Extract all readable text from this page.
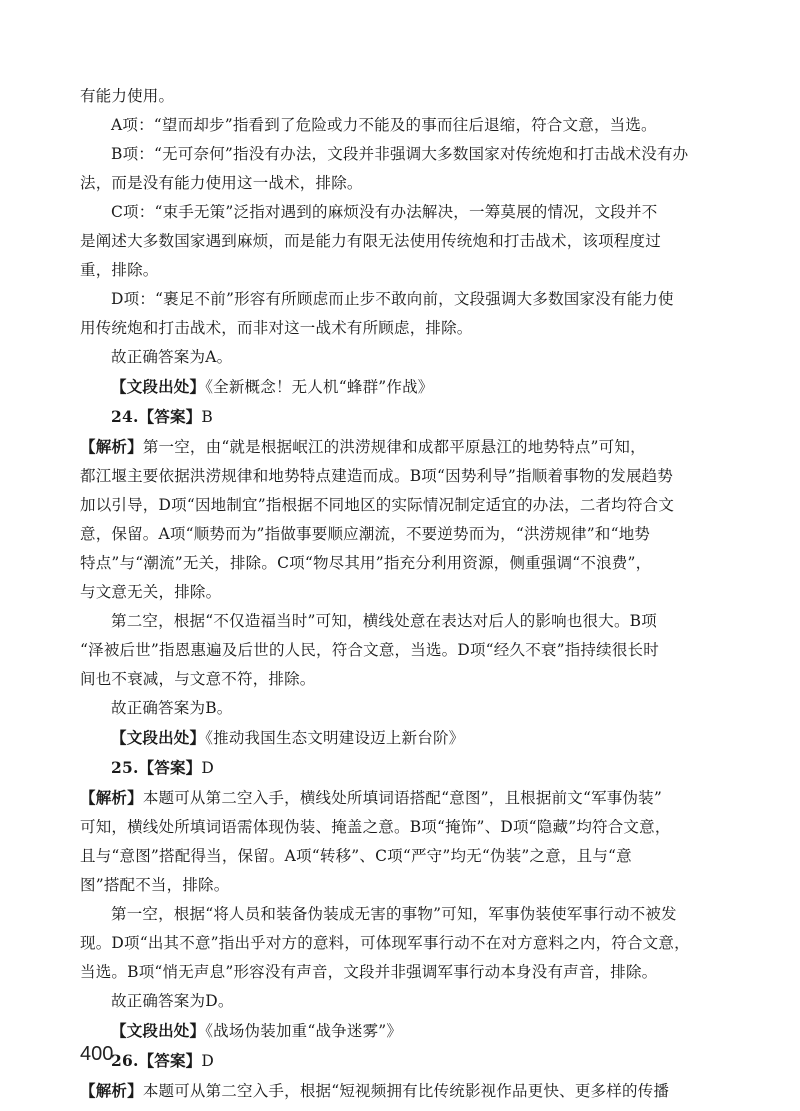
有能力使用。
A项：“望而却步”指看到了危险或力不能及的事而往后退缩，符合文意，当选。
B项：“无可奈何”指没有办法，文段并非强调大多数国家对传统炮和打击战术没有办
法，而是没有能力使用这一战术，排除。
C项：“束手无策”泛指对遇到的麻烦没有办法解决，一筹莫展的情况，文段并不
是阐述大多数国家遇到麻烦，而是能力有限无法使用传统炮和打击战术，该项程度过
重，排除。
D项：“裹足不前”形容有所顾虑而止步不敢向前，文段强调大多数国家没有能力使
用传统炮和打击战术，而非对这一战术有所顾虑，排除。
故正确答案为A。
【文段出处】《全新概念！无人机“蜂群”作战》
24.【答案】B
【解析】第一空，由“就是根据岷江的洪涝规律和成都平原悬江的地势特点”可知，
都江堰主要依据洪涝规律和地势特点建造而成。B项“因势利导”指顺着事物的发展趋势
加以引导，D项“因地制宜”指根据不同地区的实际情况制定适宜的办法，二者均符合文
意，保留。A项“顺势而为”指做事要顺应潮流，不要逆势而为，“洪涝规律”和“地势
特点”与“潮流”无关，排除。C项“物尽其用”指充分利用资源，侧重强调“不浪费”，
与文意无关，排除。
第二空，根据“不仅造福当时”可知，横线处意在表达对后人的影响也很大。B项
“泽被后世”指恩惠遍及后世的人民，符合文意，当选。D项“经久不衰”指持续很长时
间也不衰减，与文意不符，排除。
故正确答案为B。
【文段出处】《推动我国生态文明建设迈上新台阶》
25.【答案】D
【解析】本题可从第二空入手，横线处所填词语搭配“意图”，且根据前文“军事伪装”
可知，横线处所填词语需体现伪装、掩盖之意。B项“掩饰”、D项“隐藏”均符合文意，
且与“意图”搭配得当，保留。A项“转移”、C项“严守”均无“伪装”之意，且与“意
图”搭配不当，排除。
第一空，根据“将人员和装备伪装成无害的事物”可知，军事伪装使军事行动不被发
现。D项“出其不意”指出乎对方的意料，可体现军事行动不在对方意料之内，符合文意，
当选。B项“悄无声息”形容没有声音，文段并非强调军事行动本身没有声音，排除。
故正确答案为D。
【文段出处】《战场伪装加重“战争迷雾”》
26.【答案】D
【解析】本题可从第二空入手，根据“短视频拥有比传统影视作品更快、更多样的传播
400
